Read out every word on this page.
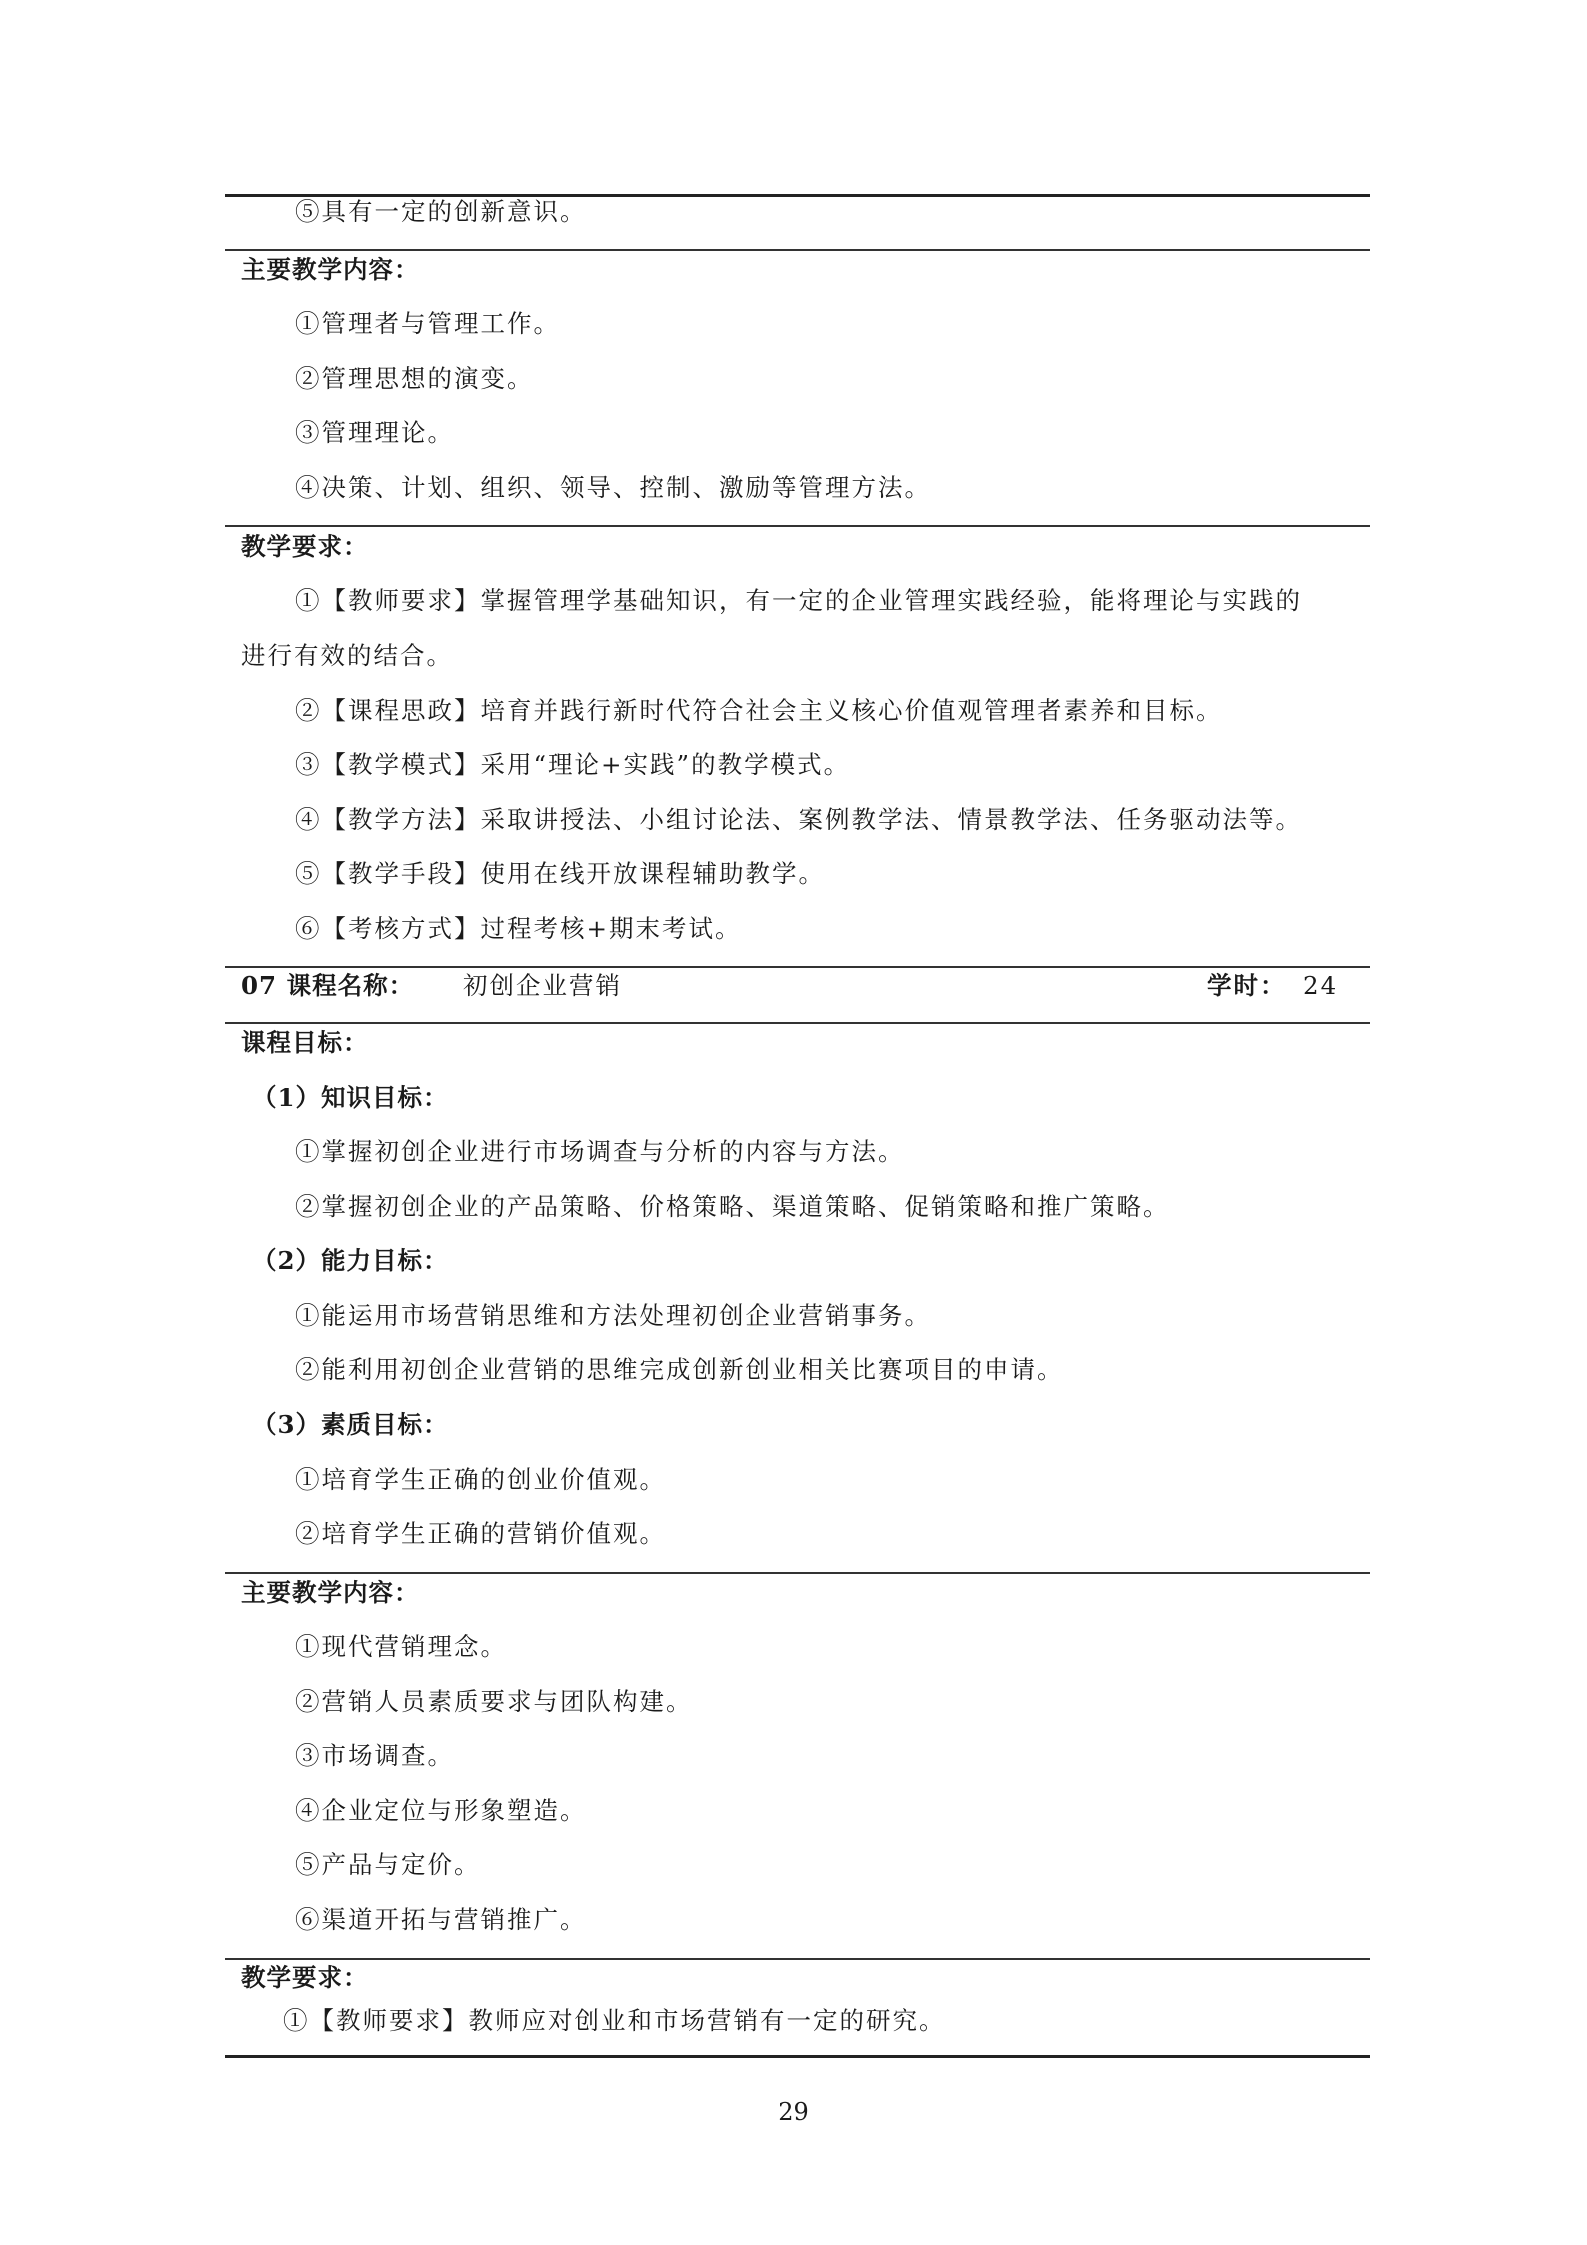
⑤具有一定的创新意识。
主要教学内容：
①管理者与管理工作。
②管理思想的演变。
③管理理论。
④决策、计划、组织、领导、控制、激励等管理方法。
教学要求：
①【教师要求】掌握管理学基础知识，有一定的企业管理实践经验，能将理论与实践的
进行有效的结合。
②【课程思政】培育并践行新时代符合社会主义核心价值观管理者素养和目标。
③【教学模式】采用“理论+实践”的教学模式。
④【教学方法】采取讲授法、小组讨论法、案例教学法、情景教学法、任务驱动法等。
⑤【教学手段】使用在线开放课程辅助教学。
⑥【考核方式】过程考核+期末考试。
07 课程名称： 初创企业营销	学时： 24
课程目标：
（1）知识目标：
①掌握初创企业进行市场调查与分析的内容与方法。
②掌握初创企业的产品策略、价格策略、渠道策略、促销策略和推广策略。
（2）能力目标：
①能运用市场营销思维和方法处理初创企业营销事务。
②能利用初创企业营销的思维完成创新创业相关比赛项目的申请。
（3）素质目标：
①培育学生正确的创业价值观。
②培育学生正确的营销价值观。
主要教学内容：
①现代营销理念。
②营销人员素质要求与团队构建。
③市场调查。
④企业定位与形象塑造。
⑤产品与定价。
⑥渠道开拓与营销推广。
教学要求：
①【教师要求】教师应对创业和市场营销有一定的研究。
29
